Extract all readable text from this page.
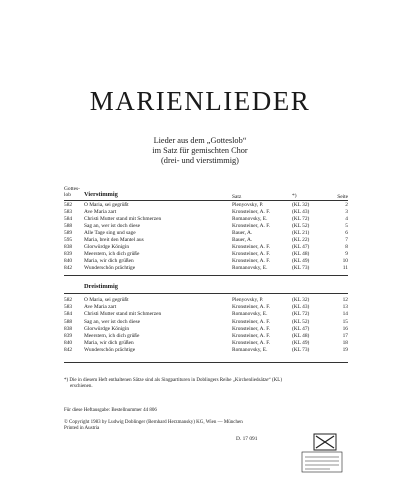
MARIENLIEDER
Lieder aus dem „Gotteslob“
im Satz für gemischten Chor
(drei- und vierstimmig)
Gottes-
lob Vierstimmig	Satz	*)	Seite
582 O Maria, sei gegrüßt	Plenyovsky, P.	(KL 32)	2
583 Ave Maria zart	Kronsteiner, A. F.	(KL 43)	3
584 Christi Mutter stand mit Schmerzen	Romanovsky, E.	(KL 72)	4
588 Sag an, wer ist doch diese	Kronsteiner, A. F.	(KL 52)	5
589 Alle Tage sing und sage	Bauer, A.	(KL 21)	6
595 Maria, breit den Mantel aus	Bauer, A.	(KL 22)	7
838 Glorwürdge Königin	Kronsteiner, A. F.	(KL 47)	8
839 Meerstern, ich dich grüße	Kronsteiner, A. F.	(KL 48)	9
840 Maria, wir dich grüßen	Kronsteiner, A. F.	(KL 49)	10
842 Wunderschön prächtige	Romanovsky, E.	(KL 73)	11
Dreistimmig
582 O Maria, sei gegrüßt	Plenyovsky, P.	(KL 32)	12
583 Ave Maria zart	Kronsteiner, A. F.	(KL 43)	13
584 Christi Mutter stand mit Schmerzen	Romanovsky, E.	(KL 72)	14
588 Sag an, wer ist doch diese	Kronsteiner, A. F.	(KL 52)	15
838 Glorwürdge Königin	Kronsteiner, A. F.	(KL 47)	16
839 Meerstern, ich dich grüße	Kronsteiner, A. F.	(KL 48)	17
840 Maria, wir dich grüßen	Kronsteiner, A. F.	(KL 49)	18
842 Wunderschön prächtige	Romanovsky, E.	(KL 73)	19
*) Die in diesem Heft enthaltenen Sätze sind als Singpartituren in Doblingers Reihe „Kirchenliedsätze“ (KL)
erschienen.
Für diese Heftausgabe: Bestellnummer 44 806
© Copyright 1983 by Ludwig Doblinger (Bernhard Herzmansky) KG, Wien — München
Printed in Austria
D. 17 091
